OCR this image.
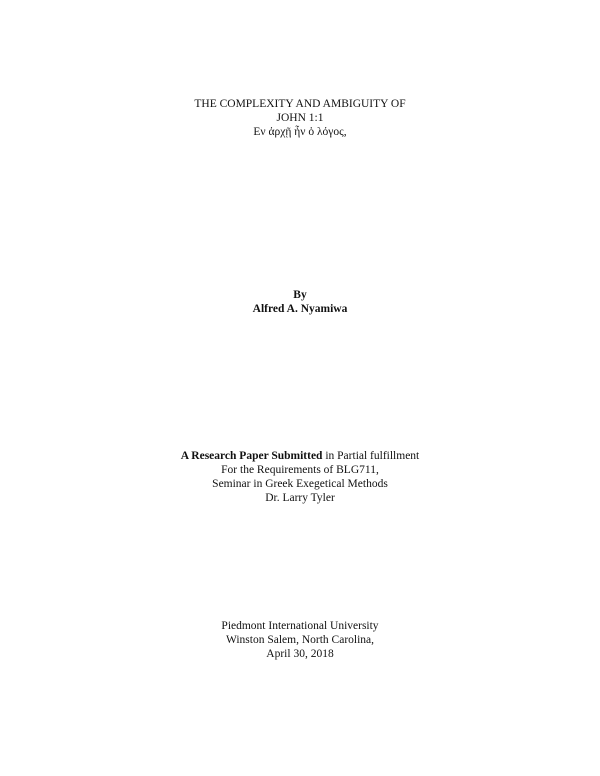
THE COMPLEXITY AND AMBIGUITY OF
JOHN 1:1
Εν ἀρχῇ ἦν ὁ λόγος,
By
Alfred A. Nyamiwa
A Research Paper Submitted in Partial fulfillment
For the Requirements of BLG711,
Seminar in Greek Exegetical Methods
Dr. Larry Tyler
Piedmont International University
Winston Salem, North Carolina,
April 30, 2018
